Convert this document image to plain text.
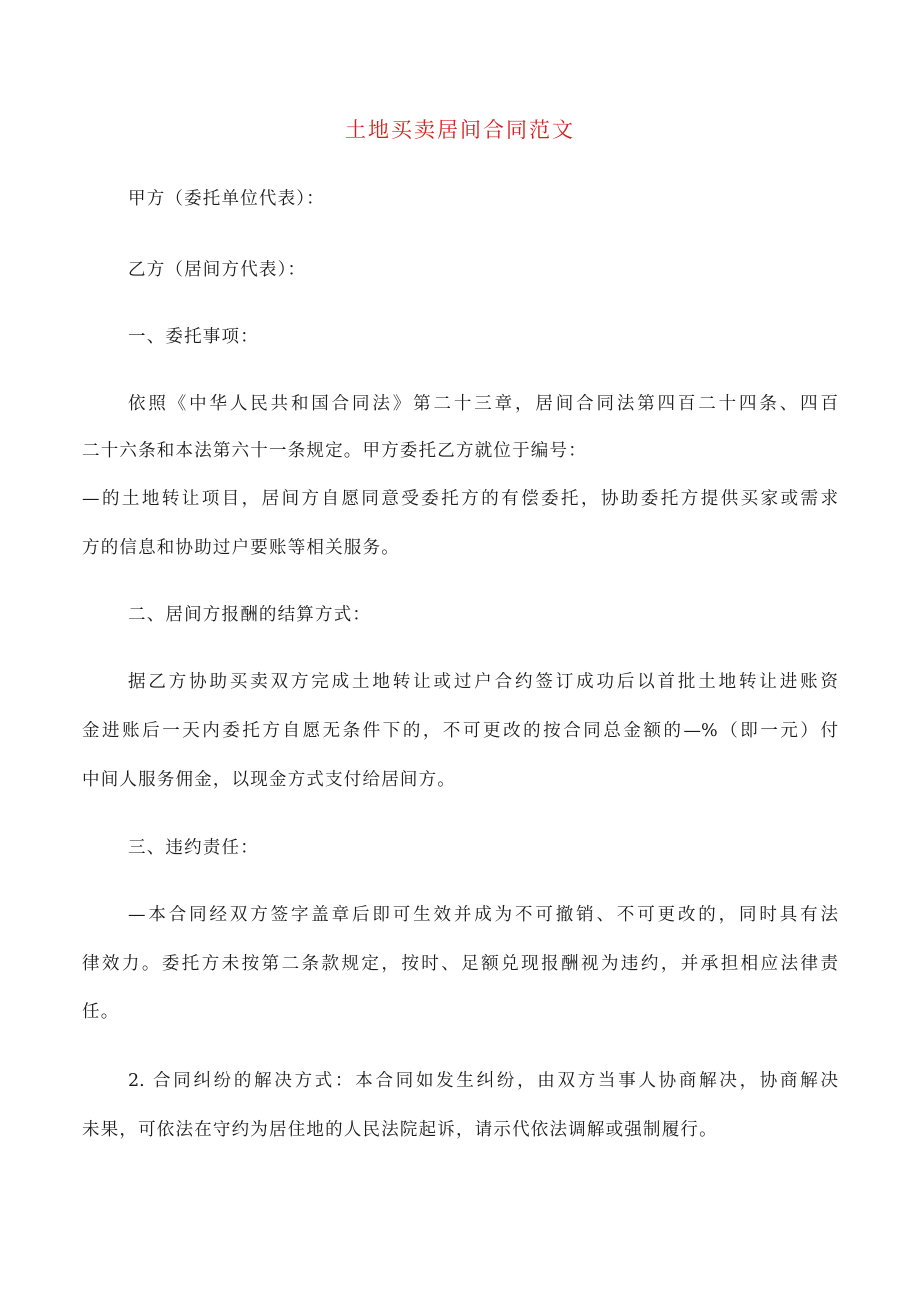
土地买卖居间合同范文
甲方（委托单位代表）：
乙方（居间方代表）：
一、委托事项：
依照《中华人民共和国合同法》第二十三章，居间合同法第四百二十四条、四百
二十六条和本法第六十一条规定。甲方委托乙方就位于编号：
—的土地转让项目，居间方自愿同意受委托方的有偿委托，协助委托方提供买家或需求
方的信息和协助过户要账等相关服务。
二、居间方报酬的结算方式：
据乙方协助买卖双方完成土地转让或过户合约签订成功后以首批土地转让进账资
金进账后一天内委托方自愿无条件下的，不可更改的按合同总金额的—%（即一元）付
中间人服务佣金，以现金方式支付给居间方。
三、违约责任：
—本合同经双方签字盖章后即可生效并成为不可撤销、不可更改的，同时具有法
律效力。委托方未按第二条款规定，按时、足额兑现报酬视为违约，并承担相应法律责
任。
2. 合同纠纷的解决方式：本合同如发生纠纷，由双方当事人协商解决，协商解决
未果，可依法在守约为居住地的人民法院起诉，请示代依法调解或强制履行。
